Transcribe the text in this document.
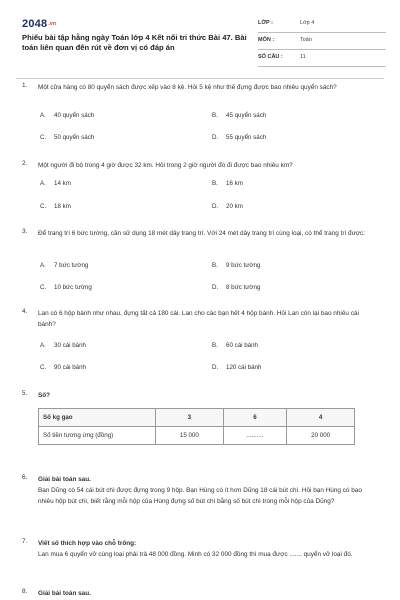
2048.vn
Phiếu bài tập hằng ngày Toán lớp 4 Kết nối tri thức Bài 47. Bài toán liên quan đến rút về đơn vị có đáp án
LỚP :	Lớp 4
MÔN :	Toán
SỐ CÂU :	11
1. Một cửa hàng có 80 quyển sách được xếp vào 8 kệ. Hỏi 5 kệ như thế đựng được bao nhiêu quyển sách?
A. 40 quyển sách	B. 45 quyển sách
C. 50 quyển sách	D. 55 quyển sách
2. Một người đi bộ trong 4 giờ được 32 km. Hỏi trong 2 giờ người đó đi được bao nhiêu km?
A. 14 km	B. 16 km
C. 18 km	D. 20 km
3. Để trang trí 6 bức tường, cần sử dụng 18 mét dây trang trí. Với 24 mét dây trang trí cùng loại, có thể trang trí được:
A. 7 bức tường	B. 9 bức tường
C. 10 bức tường	D. 8 bức tường
4. Lan có 6 hộp bánh như nhau, đựng tất cả 180 cái. Lan cho các bạn hết 4 hộp bánh. Hỏi Lan còn lại bao nhiêu cái bánh?
A. 30 cái bánh	B. 60 cái bánh
C. 90 cái bánh	D. 120 cái bánh
5. Số?
Số kg gạo	3	6	4
Số tiền tương ứng (đồng)	15 000	..........	20 000
6. Giải bài toán sau.
Bạn Dũng có 54 cái bút chì được đựng trong 9 hộp. Bạn Hùng có ít hơn Dũng 18 cái bút chì. Hỏi bạn Hùng có bao nhiêu hộp bút chì, biết rằng mỗi hộp của Hùng đựng số bút chì bằng số bút chì trong mỗi hộp của Dũng?
7. Viết số thích hợp vào chỗ trống:
Lan mua 6 quyển vở cùng loại phải trả 48 000 đồng. Minh có 32 000 đồng thì mua được ....... quyển vở loại đó.
8. Giải bài toán sau.
